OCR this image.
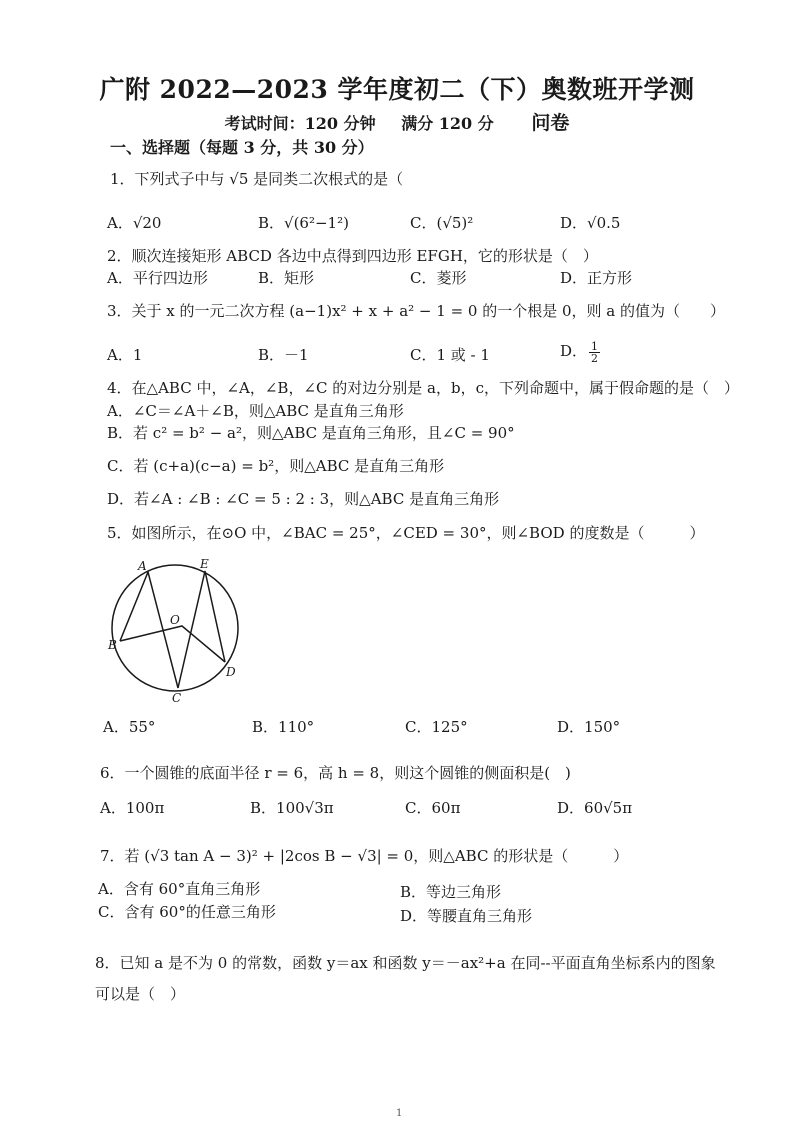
广附 2022—2023 学年度初二（下）奥数班开学测
考试时间：120 分钟 满分 120 分 问卷
一、选择题（每题 3 分，共 30 分）
1．下列式子中与 √5 是同类二次根式的是（
A．√20	B．√(6²−1²)	C．(√5)²	D．√0.5
2．顺次连接矩形 ABCD 各边中点得到四边形 EFGH，它的形状是（　）
A．平行四边形	B．矩形	C．菱形	D．正方形
3．关于 x 的一元二次方程 (a−1)x² + x + a² − 1 = 0 的一个根是 0，则 a 的值为（　　）
A．1	B．－1	C．1 或 - 1	D． $\frac{1}{2}$
4．在△ABC 中，∠A，∠B，∠C 的对边分别是 a，b，c，下列命题中，属于假命题的是（　）
A．∠C＝∠A＋∠B，则△ABC 是直角三角形
B．若 c² = b² − a²，则△ABC 是直角三角形，且∠C = 90°
C．若 (c+a)(c−a) = b²，则△ABC 是直角三角形
D．若∠A : ∠B : ∠C = 5 : 2 : 3，则△ABC 是直角三角形
5．如图所示，在⊙O 中，∠BAC = 25°，∠CED = 30°，则∠BOD 的度数是（　　　）
A	E
O
B
D
C
A．55°	B．110°	C．125°	D．150°
6．一个圆锥的底面半径 r = 6，高 h = 8，则这个圆锥的侧面积是(　)
A．100π	B．100√3π	C．60π	D．60√5π
7．若 (√3 tan A − 3)² + |2cos B − √3| = 0，则△ABC 的形状是（　　　）
A．含有 60°直角三角形	B．等边三角形
C．含有 60°的任意三角形	D．等腰直角三角形
8．已知 a 是不为 0 的常数，函数 y＝ax 和函数 y＝－ax²+a 在同--平面直角坐标系内的图象
可以是（　）
1
